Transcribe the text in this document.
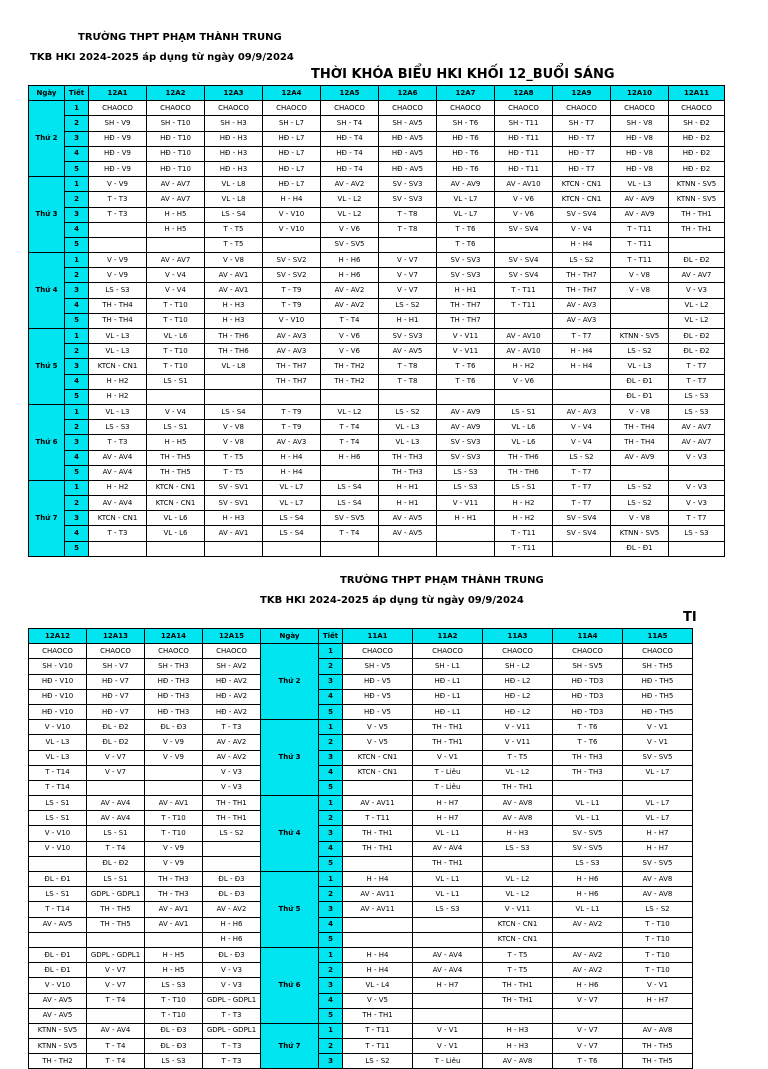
TRƯỜNG THPT PHẠM THÀNH TRUNG
TKB HKI 2024-2025 áp dụng từ ngày 09/9/2024
THỜI KHÓA BIỂU HKI KHỐI 12_BUỔI SÁNG
Ngày	Tiết	12A1	12A2	12A3	12A4	12A5	12A6	12A7	12A8	12A9	12A10	12A11
Thứ 2	1	CHAOCO	CHAOCO	CHAOCO	CHAOCO	CHAOCO	CHAOCO	CHAOCO	CHAOCO	CHAOCO	CHAOCO	CHAOCO
	2	SH - V9	SH - T10	SH - H3	SH - L7	SH - T4	SH - AV5	SH - T6	SH - T11	SH - T7	SH - V8	SH - Đ2
	3	HĐ - V9	HĐ - T10	HĐ - H3	HĐ - L7	HĐ - T4	HĐ - AV5	HĐ - T6	HĐ - T11	HĐ - T7	HĐ - V8	HĐ - Đ2
	4	HĐ - V9	HĐ - T10	HĐ - H3	HĐ - L7	HĐ - T4	HĐ - AV5	HĐ - T6	HĐ - T11	HĐ - T7	HĐ - V8	HĐ - Đ2
	5	HĐ - V9	HĐ - T10	HĐ - H3	HĐ - L7	HĐ - T4	HĐ - AV5	HĐ - T6	HĐ - T11	HĐ - T7	HĐ - V8	HĐ - Đ2
Thứ 3	1	V - V9	AV - AV7	VL - L8	HĐ - L7	AV - AV2	SV - SV3	AV - AV9	AV - AV10	KTCN - CN1	VL - L3	KTNN - SV5
	2	T - T3	AV - AV7	VL - L8	H - H4	VL - L2	SV - SV3	VL - L7	V - V6	KTCN - CN1	AV - AV9	KTNN - SV5
	3	T - T3	H - H5	LS - S4	V - V10	VL - L2	T - T8	VL - L7	V - V6	SV - SV4	AV - AV9	TH - TH1
	4		H - H5	T - T5	V - V10	V - V6	T - T8	T - T6	SV - SV4	V - V4	T - T11	TH - TH1
	5			T - T5		SV - SV5		T - T6		H - H4	T - T11	
Thứ 4	1	V - V9	AV - AV7	V - V8	SV - SV2	H - H6	V - V7	SV - SV3	SV - SV4	LS - S2	T - T11	ĐL - Đ2
	2	V - V9	V - V4	AV - AV1	SV - SV2	H - H6	V - V7	SV - SV3	SV - SV4	TH - TH7	V - V8	AV - AV7
	3	LS - S3	V - V4	AV - AV1	T - T9	AV - AV2	V - V7	H - H1	T - T11	TH - TH7	V - V8	V - V3
	4	TH - TH4	T - T10	H - H3	T - T9	AV - AV2	LS - S2	TH - TH7	T - T11	AV - AV3		VL - L2
	5	TH - TH4	T - T10	H - H3	V - V10	T - T4	H - H1	TH - TH7		AV - AV3		VL - L2
Thứ 5	1	VL - L3	VL - L6	TH - TH6	AV - AV3	V - V6	SV - SV3	V - V11	AV - AV10	T - T7	KTNN - SV5	ĐL - Đ2
	2	VL - L3	T - T10	TH - TH6	AV - AV3	V - V6	AV - AV5	V - V11	AV - AV10	H - H4	LS - S2	ĐL - Đ2
	3	KTCN - CN1	T - T10	VL - L8	TH - TH7	TH - TH2	T - T8	T - T6	H - H2	H - H4	VL - L3	T - T7
	4	H - H2	LS - S1		TH - TH7	TH - TH2	T - T8	T - T6	V - V6		ĐL - Đ1	T - T7
	5	H - H2									ĐL - Đ1	LS - S3
Thứ 6	1	VL - L3	V - V4	LS - S4	T - T9	VL - L2	LS - S2	AV - AV9	LS - S1	AV - AV3	V - V8	LS - S3
	2	LS - S3	LS - S1	V - V8	T - T9	T - T4	VL - L3	AV - AV9	VL - L6	V - V4	TH - TH4	AV - AV7
	3	T - T3	H - H5	V - V8	AV - AV3	T - T4	VL - L3	SV - SV3	VL - L6	V - V4	TH - TH4	AV - AV7
	4	AV - AV4	TH - TH5	T - T5	H - H4	H - H6	TH - TH3	SV - SV3	TH - TH6	LS - S2	AV - AV9	V - V3
	5	AV - AV4	TH - TH5	T - T5	H - H4		TH - TH3	LS - S3	TH - TH6	T - T7		
Thứ 7	1	H - H2	KTCN - CN1	SV - SV1	VL - L7	LS - S4	H - H1	LS - S3	LS - S1	T - T7	LS - S2	V - V3
	2	AV - AV4	KTCN - CN1	SV - SV1	VL - L7	LS - S4	H - H1	V - V11	H - H2	T - T7	LS - S2	V - V3
	3	KTCN - CN1	VL - L6	H - H3	LS - S4	SV - SV5	AV - AV5	H - H1	H - H2	SV - SV4	V - V8	T - T7
	4	T - T3	VL - L6	AV - AV1	LS - S4	T - T4	AV - AV5		T - T11	SV - SV4	KTNN - SV5	LS - S3
	5								T - T11		ĐL - Đ1	
TRƯỜNG THPT PHẠM THÀNH TRUNG
TKB HKI 2024-2025 áp dụng từ ngày 09/9/2024
TI
12A12	12A13	12A14	12A15	Ngày	Tiết	11A1	11A2	11A3	11A4	11A5
CHAOCO	CHAOCO	CHAOCO	CHAOCO	Thứ 2	1	CHAOCO	CHAOCO	CHAOCO	CHAOCO	CHAOCO
SH - V10	SH - V7	SH - TH3	SH - AV2		2	SH - V5	SH - L1	SH - L2	SH - SV5	SH - TH5
HĐ - V10	HĐ - V7	HĐ - TH3	HĐ - AV2		3	HĐ - V5	HĐ - L1	HĐ - L2	HĐ - TD3	HĐ - TH5
HĐ - V10	HĐ - V7	HĐ - TH3	HĐ - AV2		4	HĐ - V5	HĐ - L1	HĐ - L2	HĐ - TD3	HĐ - TH5
HĐ - V10	HĐ - V7	HĐ - TH3	HĐ - AV2		5	HĐ - V5	HĐ - L1	HĐ - L2	HĐ - TD3	HĐ - TH5
V - V10	ĐL - Đ2	ĐL - Đ3	T - T3	Thứ 3	1	V - V5	TH - TH1	V - V11	T - T6	V - V1
VL - L3	ĐL - Đ2	V - V9	AV - AV2		2	V - V5	TH - TH1	V - V11	T - T6	V - V1
VL - L3	V - V7	V - V9	AV - AV2		3	KTCN - CN1	V - V1	T - T5	TH - TH3	SV - SV5
T - T14	V - V7		V - V3		4	KTCN - CN1	T - Liêu	VL - L2	TH - TH3	VL - L7
T - T14			V - V3		5		T - Liêu	TH - TH1		
LS - S1	AV - AV4	AV - AV1	TH - TH1	Thứ 4	1	AV - AV11	H - H7	AV - AV8	VL - L1	VL - L7
LS - S1	AV - AV4	T - T10	TH - TH1		2	T - T11	H - H7	AV - AV8	VL - L1	VL - L7
V - V10	LS - S1	T - T10	LS - S2		3	TH - TH1	VL - L1	H - H3	SV - SV5	H - H7
V - V10	T - T4	V - V9			4	TH - TH1	AV - AV4	LS - S3	SV - SV5	H - H7
	ĐL - Đ2	V - V9			5		TH - TH1		LS - S3	SV - SV5
ĐL - Đ1	LS - S1	TH - TH3	ĐL - Đ3	Thứ 5	1	H - H4	VL - L1	VL - L2	H - H6	AV - AV8
LS - S1	GDPL - GDPL1	TH - TH3	ĐL - Đ3		2	AV - AV11	VL - L1	VL - L2	H - H6	AV - AV8
T - T14	TH - TH5	AV - AV1	AV - AV2		3	AV - AV11	LS - S3	V - V11	VL - L1	LS - S2
AV - AV5	TH - TH5	AV - AV1	H - H6		4			KTCN - CN1	AV - AV2	T - T10
			H - H6		5			KTCN - CN1		T - T10
ĐL - Đ1	GDPL - GDPL1	H - H5	ĐL - Đ3	Thứ 6	1	H - H4	AV - AV4	T - T5	AV - AV2	T - T10
ĐL - Đ1	V - V7	H - H5	V - V3		2	H - H4	AV - AV4	T - T5	AV - AV2	T - T10
V - V10	V - V7	LS - S3	V - V3		3	VL - L4	H - H7	TH - TH1	H - H6	V - V1
AV - AV5	T - T4	T - T10	GDPL - GDPL1		4	V - V5		TH - TH1	V - V7	H - H7
AV - AV5		T - T10	T - T3		5	TH - TH1				
KTNN - SV5	AV - AV4	ĐL - Đ3	GDPL - GDPL1	Thứ 7	1	T - T11	V - V1	H - H3	V - V7	AV - AV8
KTNN - SV5	T - T4	ĐL - Đ3	T - T3		2	T - T11	V - V1	H - H3	V - V7	TH - TH5
TH - TH2	T - T4	LS - S3	T - T3		3	LS - S2	T - Liêu	AV - AV8	T - T6	TH - TH5
